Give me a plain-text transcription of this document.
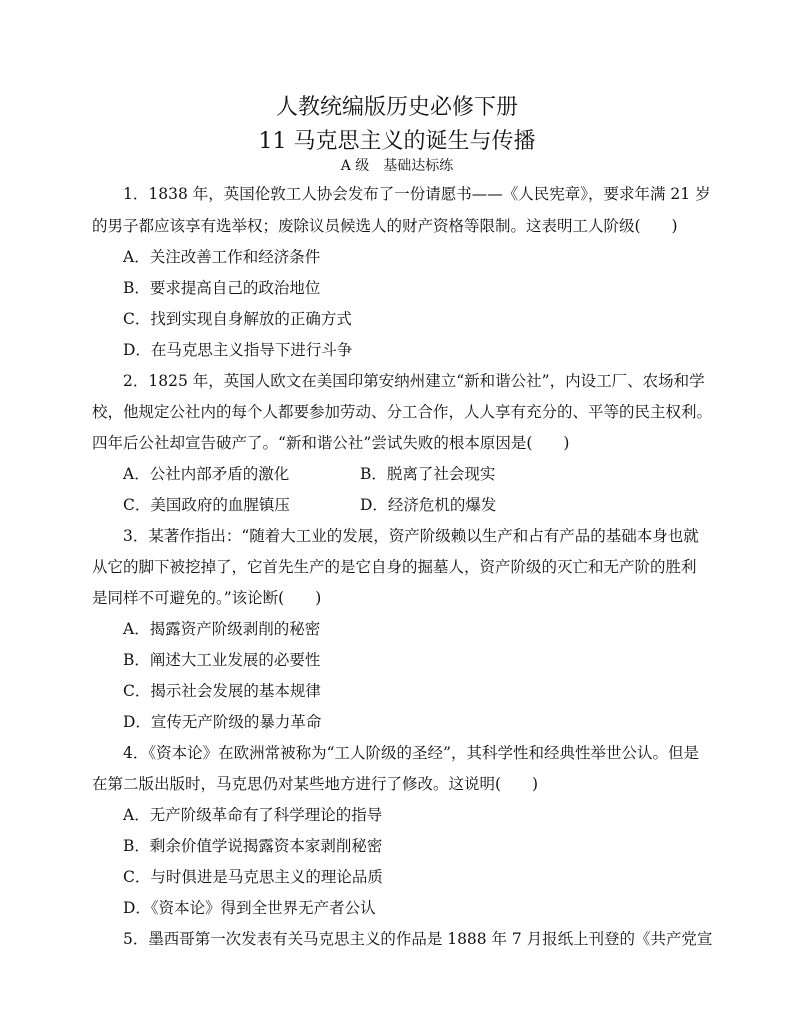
人教统编版历史必修下册
11 马克思主义的诞生与传播
A 级　基础达标练
1．1838 年，英国伦敦工人协会发布了一份请愿书——《人民宪章》，要求年满 21 岁
的男子都应该享有选举权；废除议员候选人的财产资格等限制。这表明工人阶级(　　)
A．关注改善工作和经济条件
B．要求提高自己的政治地位
C．找到实现自身解放的正确方式
D．在马克思主义指导下进行斗争
2．1825 年，英国人欧文在美国印第安纳州建立“新和谐公社”，内设工厂、农场和学
校，他规定公社内的每个人都要参加劳动、分工合作，人人享有充分的、平等的民主权利。
四年后公社却宣告破产了。“新和谐公社”尝试失败的根本原因是(　　)
A．公社内部矛盾的激化	B．脱离了社会现实
C．美国政府的血腥镇压	D．经济危机的爆发
3．某著作指出：“随着大工业的发展，资产阶级赖以生产和占有产品的基础本身也就
从它的脚下被挖掉了，它首先生产的是它自身的掘墓人，资产阶级的灭亡和无产阶的胜利
是同样不可避免的。”该论断(　　)
A．揭露资产阶级剥削的秘密
B．阐述大工业发展的必要性
C．揭示社会发展的基本规律
D．宣传无产阶级的暴力革命
4．《资本论》在欧洲常被称为“工人阶级的圣经”，其科学性和经典性举世公认。但是
在第二版出版时，马克思仍对某些地方进行了修改。这说明(　　)
A．无产阶级革命有了科学理论的指导
B．剩余价值学说揭露资本家剥削秘密
C．与时俱进是马克思主义的理论品质
D．《资本论》得到全世界无产者公认
5．墨西哥第一次发表有关马克思主义的作品是 1888 年 7 月报纸上刊登的《共产党宣
